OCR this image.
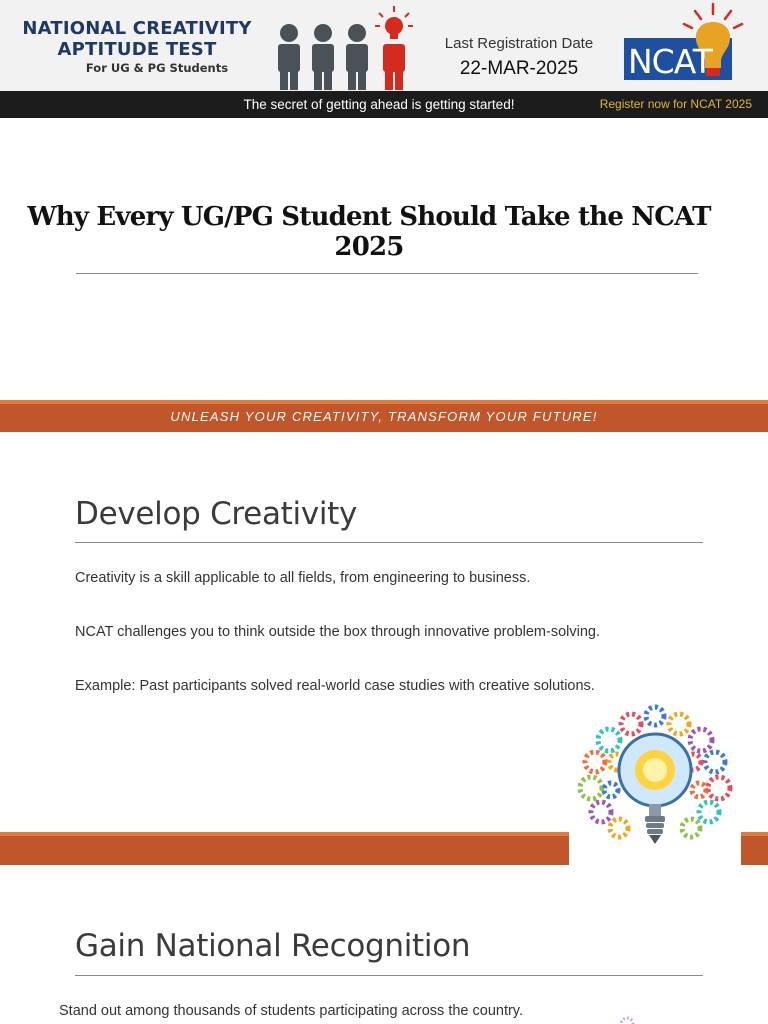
NATIONAL CREATIVITY
APTITUDE TEST
For UG & PG Students
Last Registration Date
22-MAR-2025	NCAT
The secret of getting ahead is getting started!	Register now for NCAT 2025
Why Every UG/PG Student Should Take the NCAT 2025
UNLEASH YOUR CREATIVITY, TRANSFORM YOUR FUTURE!
Develop Creativity

Creativity is a skill applicable to all fields, from engineering to business.

NCAT challenges you to think outside the box through innovative problem-solving.

Example: Past participants solved real-world case studies with creative solutions.

Gain National Recognition

Stand out among thousands of students participating across the country.
